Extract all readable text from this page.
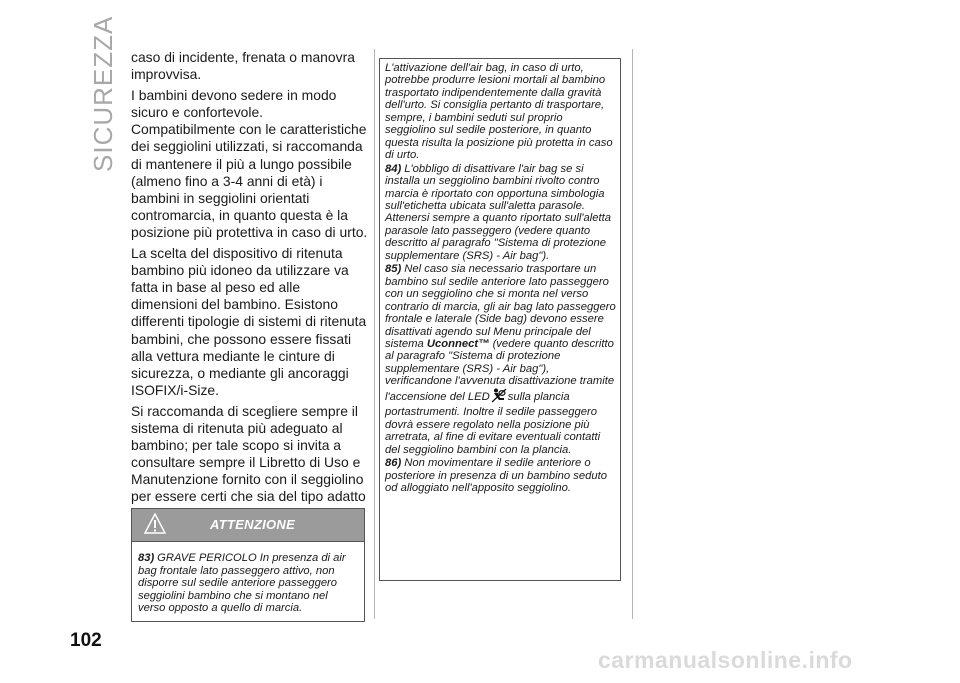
SICUREZZA caso di incidente, frenata o manovra improvvisa.

I bambini devono sedere in modo sicuro e confortevole. Compatibilmente con le caratteristiche dei seggiolini utilizzati, si raccomanda di mantenere il più a lungo possibile (almeno fino a 3-4 anni di età) i bambini in seggiolini orientati contromarcia, in quanto questa è la posizione più protettiva in caso di urto.

La scelta del dispositivo di ritenuta bambino più idoneo da utilizzare va fatta in base al peso ed alle dimensioni del bambino. Esistono differenti tipologie di sistemi di ritenuta bambini, che possono essere fissati alla vettura mediante le cinture di sicurezza, o mediante gli ancoraggi ISOFIX/i-Size.

Si raccomanda di scegliere sempre il sistema di ritenuta più adeguato al bambino; per tale scopo si invita a consultare sempre il Libretto di Uso e Manutenzione fornito con il seggiolino per essere certi che sia del tipo adatto

ATTENZIONE
83) GRAVE PERICOLO In presenza di air bag frontale lato passeggero attivo, non disporre sul sedile anteriore passeggero seggiolini bambino che si montano nel verso opposto a quello di marcia.

L'attivazione dell'air bag, in caso di urto, potrebbe produrre lesioni mortali al bambino trasportato indipendentemente dalla gravità dell'urto. Si consiglia pertanto di trasportare, sempre, i bambini seduti sul proprio seggiolino sul sedile posteriore, in quanto questa risulta la posizione più protetta in caso di urto.

84) L'obbligo di disattivare l'air bag se si installa un seggiolino bambini rivolto contro marcia è riportato con opportuna simbologia sull'etichetta ubicata sull'aletta parasole. Attenersi sempre a quanto riportato sull'aletta parasole lato passeggero (vedere quanto descritto al paragrafo "Sistema di protezione supplementare (SRS) - Air bag").

85) Nel caso sia necessario trasportare un bambino sul sedile anteriore lato passeggero con un seggiolino che si monta nel verso contrario di marcia, gli air bag lato passeggero frontale e laterale (Side bag) devono essere disattivati agendo sul Menu principale del sistema Uconnect™ (vedere quanto descritto al paragrafo "Sistema di protezione supplementare (SRS) - Air bag"), verificandone l'avvenuta disattivazione tramite l'accensione del LED sulla plancia portastrumenti. Inoltre il sedile passeggero dovrà essere regolato nella posizione più arretrata, al fine di evitare eventuali contatti del seggiolino bambini con la plancia.

86) Non movimentare il sedile anteriore o posteriore in presenza di un bambino seduto od alloggiato nell'apposito seggiolino.

102
carmanualsonline.info
